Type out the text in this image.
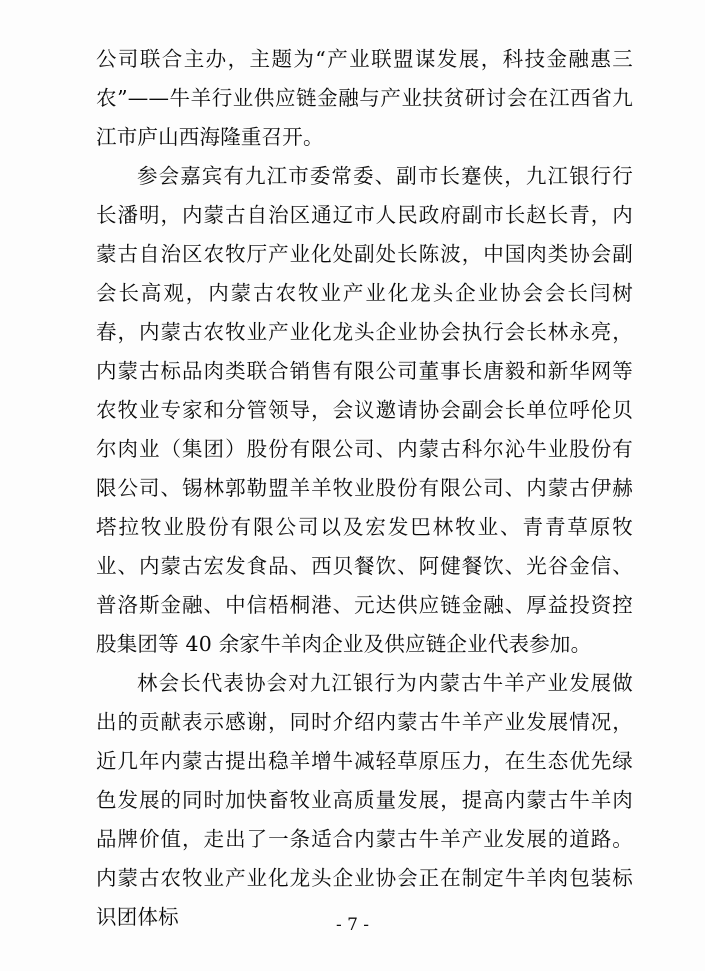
公司联合主办，主题为“产业联盟谋发展，科技金融惠三农”——牛羊行业供应链金融与产业扶贫研讨会在江西省九江市庐山西海隆重召开。

参会嘉宾有九江市委常委、副市长蹇侠，九江银行行长潘明，内蒙古自治区通辽市人民政府副市长赵长青，内蒙古自治区农牧厅产业化处副处长陈波，中国肉类协会副会长高观，内蒙古农牧业产业化龙头企业协会会长闫树春，内蒙古农牧业产业化龙头企业协会执行会长林永亮，内蒙古标品肉类联合销售有限公司董事长唐毅和新华网等农牧业专家和分管领导，会议邀请协会副会长单位呼伦贝尔肉业（集团）股份有限公司、内蒙古科尔沁牛业股份有限公司、锡林郭勒盟羊羊牧业股份有限公司、内蒙古伊赫塔拉牧业股份有限公司以及宏发巴林牧业、青青草原牧业、内蒙古宏发食品、西贝餐饮、阿健餐饮、光谷金信、普洛斯金融、中信梧桐港、元达供应链金融、厚益投资控股集团等 40 余家牛羊肉企业及供应链企业代表参加。

林会长代表协会对九江银行为内蒙古牛羊产业发展做出的贡献表示感谢，同时介绍内蒙古牛羊产业发展情况，近几年内蒙古提出稳羊增牛减轻草原压力，在生态优先绿色发展的同时加快畜牧业高质量发展，提高内蒙古牛羊肉品牌价值，走出了一条适合内蒙古牛羊产业发展的道路。内蒙古农牧业产业化龙头企业协会正在制定牛羊肉包装标识团体标	- 7 -
